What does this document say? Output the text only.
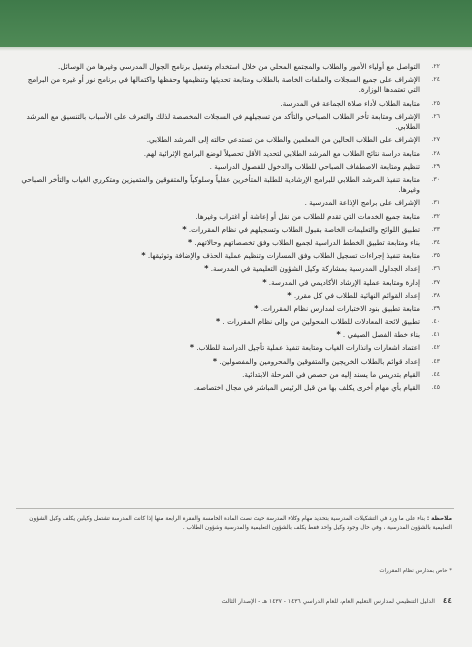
٢٢.
التواصل مع أولياء الأمور والطلاب والمجتمع المحلي من خلال استخدام وتفعيل برنامج الجوال المدرسي وغيرها من الوسائل.
٢٤.
الإشراف على جميع السجلات والملفات الخاصة بالطلاب ومتابعة تحديثها وتنظيمها وحفظها واكتمالها في برنامج نور أو غيره من البرامج التي تعتمدها الوزارة.
٢٥.
متابعة الطلاب لأداء صلاة الجماعة في المدرسة.
٢٦.
الإشراف ومتابعة تأخر الطلاب الصباحي والتأكد من تسجيلهم في السجلات المخصصة لذلك والتعرف على الأسباب بالتنسيق مع المرشد الطلابي.
٢٧.
الإشراف على الطلاب الحالين من المعلمين والطلاب من تستدعي حالته إلى المرشد الطلابي.
٢٨.
متابعة دراسة نتائج الطلاب مع المرشد الطلابي لتحديد الأقل تحصيلاً لوضع البرامج الإثرائية لهم.
٢٩.
تنظيم ومتابعة الاصطفاف الصباحي للطلاب والدخول للفصول الدراسية .
٣٠.
متابعة تنفيذ المرشد الطلابي للبرامج الإرشادية للطلبة المتأخرين عقلياً وسلوكياً والمتفوقين والمتميزين ومتكرري الغياب والتأخر الصباحي وغيرها.
٣١.
الإشراف على برامج الإذاعة المدرسية .
٣٢.
متابعة جميع الخدمات التي تقدم للطلاب من نقل أو إعاشة أو اغتراب وغيرها.
٣٣.
تطبيق اللوائح والتعليمات الخاصة بقبول الطلاب وتسجيلهم في نظام المقررات. *
٣٤.
بناء ومتابعة تطبيق الخطط الدراسية لجميع الطلاب وفق تخصصاتهم وحالاتهم. *
٣٥.
متابعة تنفيذ إجراءات تسجيل الطلاب وفق المسارات وتنظيم عملية الحذف والإضافة وتوثيقها. *
٣٦.
إعداد الجداول المدرسية بمشاركة وكيل الشؤون التعليمية في المدرسة. *
٣٧.
إدارة ومتابعة عملية الإرشاد الأكاديمي في المدرسة. *
٣٨.
إعداد القوائم النهائية للطلاب في كل مقرر. *
٣٩.
متابعة تطبيق بنود الاختبارات لمدارس نظام المقررات. *
٤٠.
تطبيق لائحة المعادلات للطلاب المحولين من وإلى نظام المقررات . *
٤١.
بناء خطة الفصل الصيفي . *
٤٢.
اعتماد اشعارات وانذارات الغياب ومتابعة تنفيذ عملية تأجيل الدراسة للطلاب. *
٤٣.
إعداد قوائم بالطلاب الخريجين والمتفوقين والمحرومين والمفصولين. *
٤٤.
القيام بتدريس ما يسند إليه من حصص في المرحلة الابتدائية.
٤٥.
القيام بأي مهام أخرى يكلف بها من قبل الرئيس المباشر في مجال اختصاصه.
ملاحظة : بناء على ما ورد في التشكيلات المدرسية بتحديد مهام وكلاء المدرسة حيث نصت المادة الخامسة والفقرة الرابعة منها إذا كانت المدرسة تشتمل وكيلين يكلف وكيل الشؤون التعليمية بالشؤون المدرسية ، وفي حال وجود وكيل واحد فقط يكلف بالشؤون التعليمية والمدرسية وشؤون الطلاب .
* خاص بمدارس نظام المقررات
٤٤ الدليل التنظيمي لمدارس التعليم العام، للعام الدراسي ١٤٣٦ - ١٤٣٧ هـ - الإصدار الثالث
